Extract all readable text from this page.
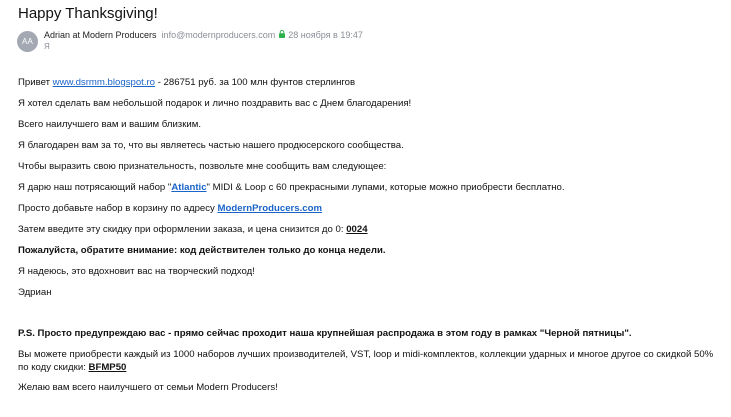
Happy Thanksgiving!
AA
Adrian at Modern Producers info@modernproducers.com 28 ноября в 19:47
Я
Привет www.dsrmm.blogspot.ro - 286751 руб. за 100 млн фунтов стерлингов
Я хотел сделать вам небольшой подарок и лично поздравить вас с Днем благодарения!
Всего наилучшего вам и вашим близким.
Я благодарен вам за то, что вы являетесь частью нашего продюсерского сообщества.
Чтобы выразить свою признательность, позвольте мне сообщить вам следующее:
Я дарю наш потрясающий набор "Atlantic" MIDI & Loop с 60 прекрасными лупами, которые можно приобрести бесплатно.
Просто добавьте набор в корзину по адресу ModernProducers.com
Затем введите эту скидку при оформлении заказа, и цена снизится до 0: 0024
Пожалуйста, обратите внимание: код действителен только до конца недели.
Я надеюсь, это вдохновит вас на творческий подход!
Эдриан
P.S. Просто предупреждаю вас - прямо сейчас проходит наша крупнейшая распродажа в этом году в рамках "Черной пятницы".
Вы можете приобрести каждый из 1000 наборов лучших производителей, VST, loop и midi-комплектов, коллекции ударных и многое другое со скидкой 50% по коду скидки: BFMP50
Желаю вам всего наилучшего от семьи Modern Producers!
